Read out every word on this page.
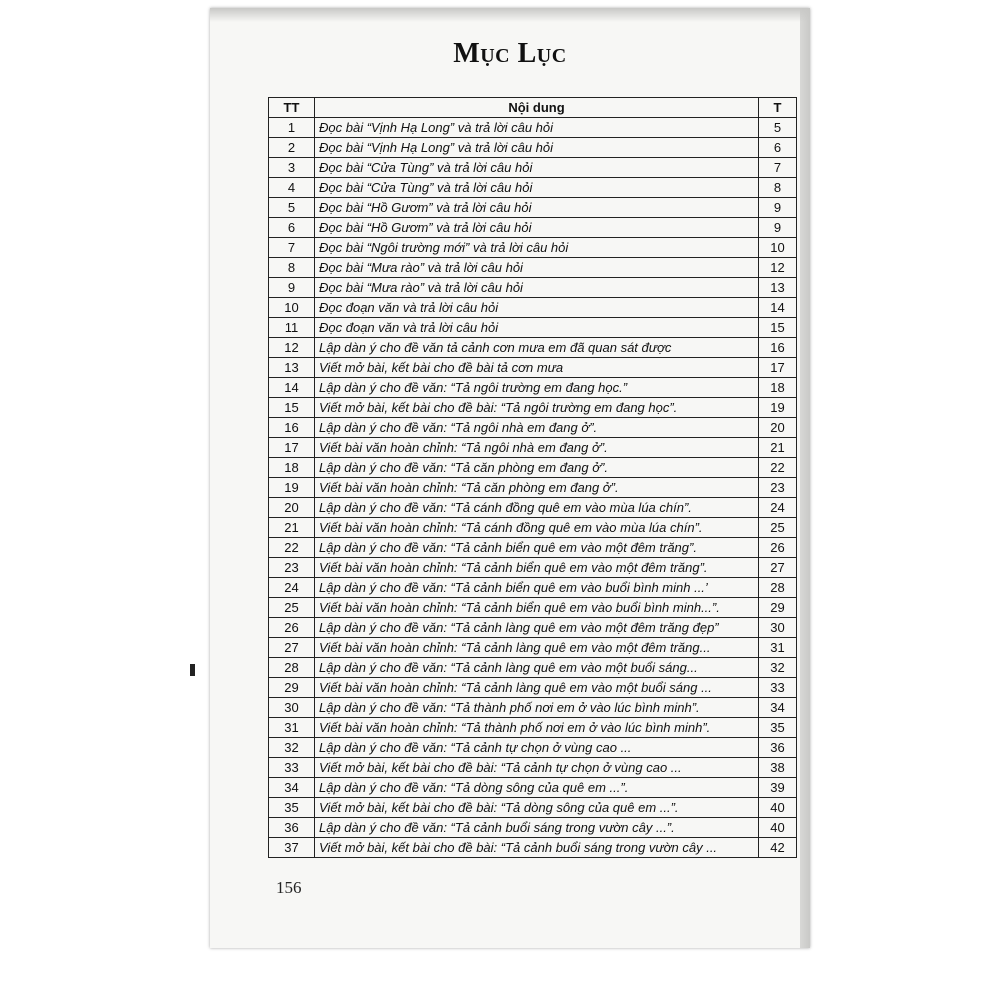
Mục Lục
TT	Nội dung	T
1	Đọc bài “Vịnh Hạ Long” và trả lời câu hỏi	5
2	Đọc bài “Vịnh Hạ Long” và trả lời câu hỏi	6
3	Đọc bài “Cửa Tùng” và trả lời câu hỏi	7
4	Đọc bài “Cửa Tùng” và trả lời câu hỏi	8
5	Đọc bài “Hồ Gươm” và trả lời câu hỏi	9
6	Đọc bài “Hồ Gươm” và trả lời câu hỏi	9
7	Đọc bài “Ngôi trường mới” và trả lời câu hỏi	10
8	Đọc bài “Mưa rào” và trả lời câu hỏi	12
9	Đọc bài “Mưa rào” và trả lời câu hỏi	13
10	Đọc đoạn văn và trả lời câu hỏi	14
11	Đọc đoạn văn và trả lời câu hỏi	15
12	Lập dàn ý cho đề văn tả cảnh cơn mưa em đã quan sát được	16
13	Viết mở bài, kết bài cho đề bài tả cơn mưa	17
14	Lập dàn ý cho đề văn: “Tả ngôi trường em đang học.”	18
15	Viết mở bài, kết bài cho đề bài: “Tả ngôi trường em đang học”.	19
16	Lập dàn ý cho đề văn: “Tả ngôi nhà em đang ở”.	20
17	Viết bài văn hoàn chỉnh: “Tả ngôi nhà em đang ở”.	21
18	Lập dàn ý cho đề văn: “Tả căn phòng em đang ở”.	22
19	Viết bài văn hoàn chỉnh: “Tả căn phòng em đang ở”.	23
20	Lập dàn ý cho đề văn: “Tả cánh đồng quê em vào mùa lúa chín”.	24
21	Viết bài văn hoàn chỉnh: “Tả cánh đồng quê em vào mùa lúa chín”.	25
22	Lập dàn ý cho đề văn: “Tả cảnh biển quê em vào một đêm trăng”.	26
23	Viết bài văn hoàn chỉnh: “Tả cảnh biển quê em vào một đêm trăng”.	27
24	Lập dàn ý cho đề văn: “Tả cảnh biển quê em vào buổi bình minh ...’	28
25	Viết bài văn hoàn chỉnh: “Tả cảnh biển quê em vào buổi bình minh...”.	29
26	Lập dàn ý cho đề văn: “Tả cảnh làng quê em vào một đêm trăng đẹp”	30
27	Viết bài văn hoàn chỉnh: “Tả cảnh làng quê em vào một đêm trăng...	31
28	Lập dàn ý cho đề văn: “Tả cảnh làng quê em vào một buổi sáng...	32
29	Viết bài văn hoàn chỉnh: “Tả cảnh làng quê em vào một buổi sáng ...	33
30	Lập dàn ý cho đề văn: “Tả thành phố nơi em ở vào lúc bình minh”.	34
31	Viết bài văn hoàn chỉnh: “Tả thành phố nơi em ở vào lúc bình minh”.	35
32	Lập dàn ý cho đề văn: “Tả cảnh tự chọn ở vùng cao ...	36
33	Viết mở bài, kết bài cho đề bài: “Tả cảnh tự chọn ở vùng cao ...	38
34	Lập dàn ý cho đề văn: “Tả dòng sông của quê em ...”.	39
35	Viết mở bài, kết bài cho đề bài: “Tả dòng sông của quê em ...”.	40
36	Lập dàn ý cho đề văn: “Tả cảnh buổi sáng trong vườn cây ...”.	40
37	Viết mở bài, kết bài cho đề bài: “Tả cảnh buổi sáng trong vườn cây ...	42
156
